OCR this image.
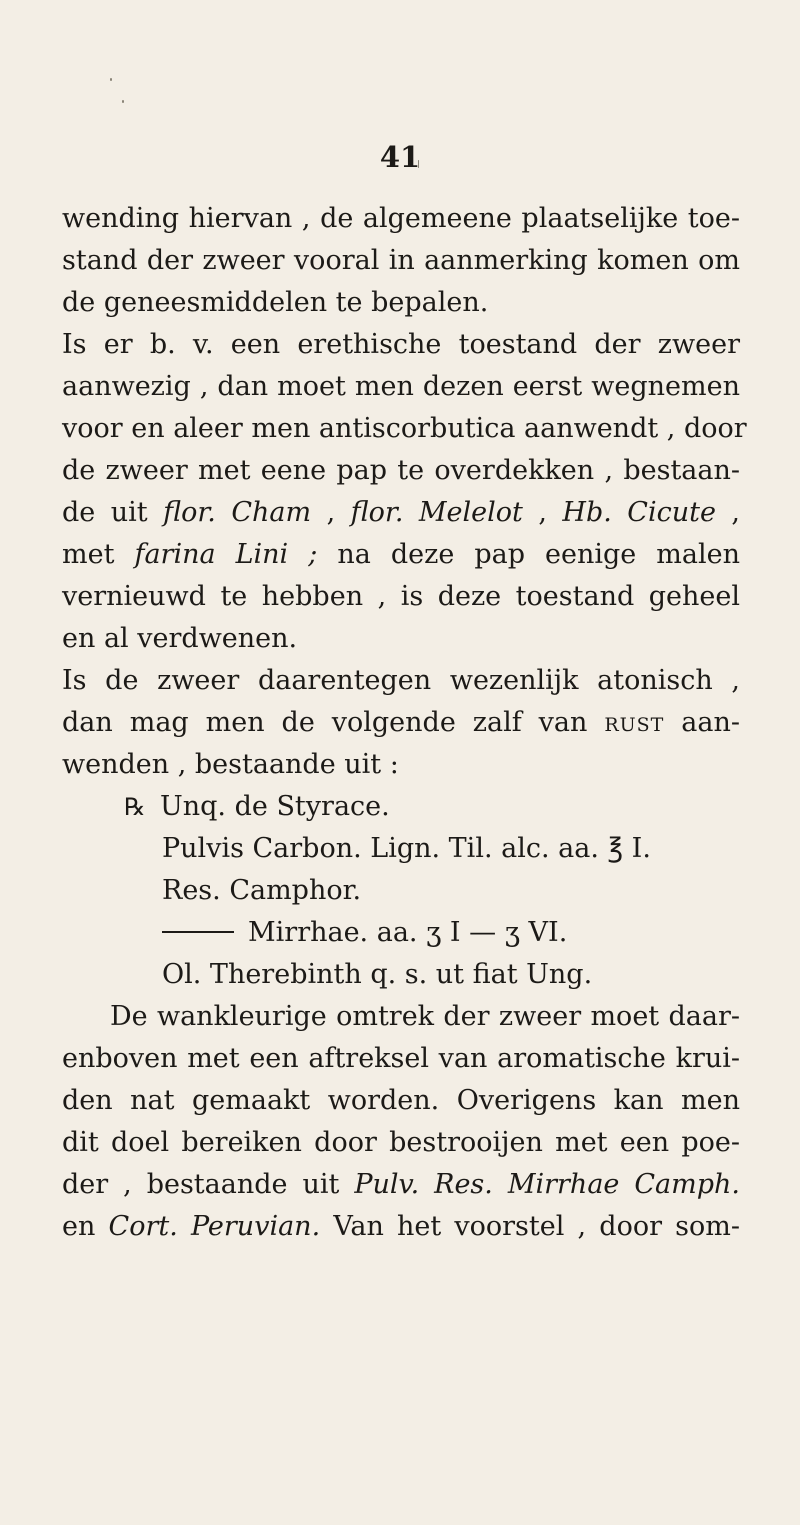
41
wending hiervan , de algemeene plaatselijke toe-
stand der zweer vooral in aanmerking komen om
de geneesmiddelen te bepalen.
Is er b. v. een erethische toestand der zweer
aanwezig , dan moet men dezen eerst wegnemen
voor en aleer men antiscorbutica aanwendt , door
de zweer met eene pap te overdekken , bestaan-
de uit flor. Cham , flor. Melelot , Hb. Cicute ,
met farina Lini ; na deze pap eenige malen
vernieuwd te hebben , is deze toestand geheel
en al verdwenen.
Is de zweer daarentegen wezenlijk atonisch ,
dan mag men de volgende zalf van rust aan-
wenden , bestaande uit :
℞ Unq. de Styrace.
Pulvis Carbon. Lign. Til. alc. aa. ℥ I.
Res. Camphor.
Mirrhae. aa. ʒ I — ʒ VI.
Ol. Therebinth q. s. ut fiat Ung.
De wankleurige omtrek der zweer moet daar-
enboven met een aftreksel van aromatische krui-
den nat gemaakt worden. Overigens kan men
dit doel bereiken door bestrooijen met een poe-
der , bestaande uit Pulv. Res. Mirrhae Camph.
en Cort. Peruvian. Van het voorstel , door som-
